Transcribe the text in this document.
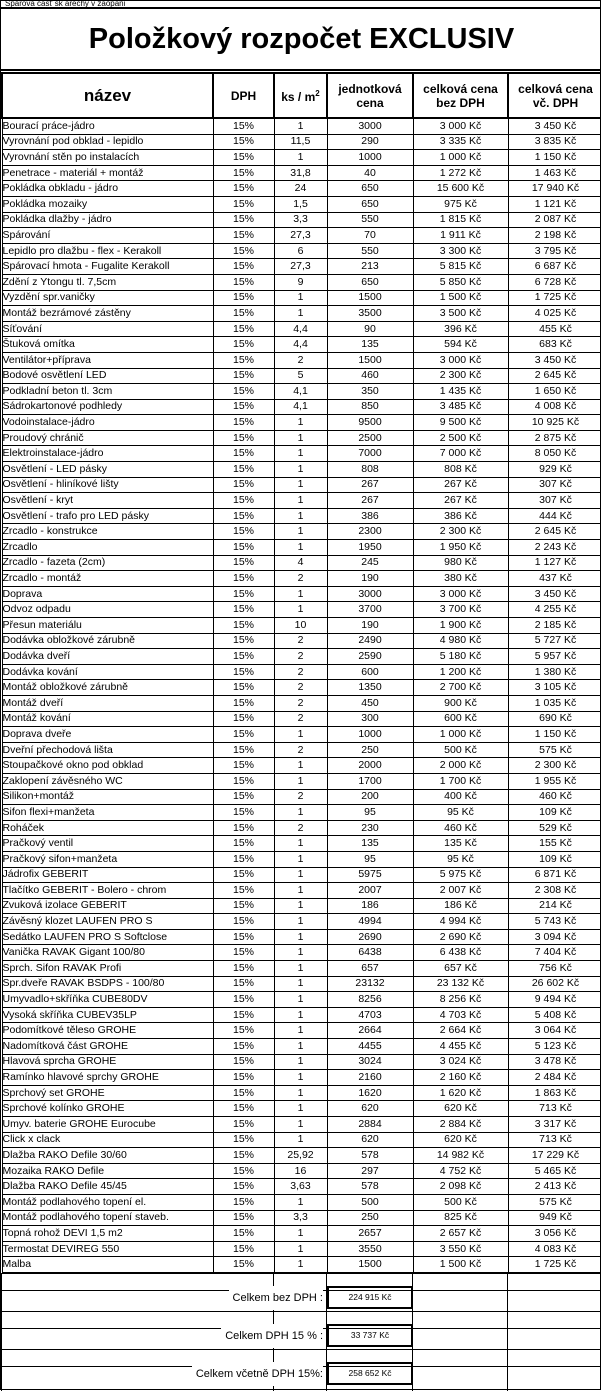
Spárová cásť sk arechy v zaopani
Položkový rozpočet EXCLUSIV
název	DPH	ks / $m^2$	jednotková cena	celková cena bez DPH	celková cena vč. DPH
Bourací práce-jádro	15%	1	3000	3 000 Kč	3 450 Kč
Vyrovnání pod obklad - lepidlo	15%	11,5	290	3 335 Kč	3 835 Kč
Vyrovnání stěn po instalacích	15%	1	1000	1 000 Kč	1 150 Kč
Penetrace - materiál + montáž	15%	31,8	40	1 272 Kč	1 463 Kč
Pokládka obkladu - jádro	15%	24	650	15 600 Kč	17 940 Kč
Pokládka mozaiky	15%	1,5	650	975 Kč	1 121 Kč
Pokládka dlažby - jádro	15%	3,3	550	1 815 Kč	2 087 Kč
Spárování	15%	27,3	70	1 911 Kč	2 198 Kč
Lepidlo pro dlažbu - flex - Kerakoll	15%	6	550	3 300 Kč	3 795 Kč
Spárovací hmota - Fugalite Kerakoll	15%	27,3	213	5 815 Kč	6 687 Kč
Zdění z Ytongu tl. 7,5cm	15%	9	650	5 850 Kč	6 728 Kč
Vyzdění spr.vaničky	15%	1	1500	1 500 Kč	1 725 Kč
Montáž bezrámové zástěny	15%	1	3500	3 500 Kč	4 025 Kč
Síťování	15%	4,4	90	396 Kč	455 Kč
Štuková omítka	15%	4,4	135	594 Kč	683 Kč
Ventilátor+příprava	15%	2	1500	3 000 Kč	3 450 Kč
Bodové osvětlení LED	15%	5	460	2 300 Kč	2 645 Kč
Podkladní beton tl. 3cm	15%	4,1	350	1 435 Kč	1 650 Kč
Sádrokartonové podhledy	15%	4,1	850	3 485 Kč	4 008 Kč
Vodoinstalace-jádro	15%	1	9500	9 500 Kč	10 925 Kč
Proudový chránič	15%	1	2500	2 500 Kč	2 875 Kč
Elektroinstalace-jádro	15%	1	7000	7 000 Kč	8 050 Kč
Osvětlení - LED pásky	15%	1	808	808 Kč	929 Kč
Osvětlení - hliníkové lišty	15%	1	267	267 Kč	307 Kč
Osvětlení - kryt	15%	1	267	267 Kč	307 Kč
Osvětlení - trafo pro LED pásky	15%	1	386	386 Kč	444 Kč
Zrcadlo - konstrukce	15%	1	2300	2 300 Kč	2 645 Kč
Zrcadlo	15%	1	1950	1 950 Kč	2 243 Kč
Zrcadlo - fazeta (2cm)	15%	4	245	980 Kč	1 127 Kč
Zrcadlo - montáž	15%	2	190	380 Kč	437 Kč
Doprava	15%	1	3000	3 000 Kč	3 450 Kč
Odvoz odpadu	15%	1	3700	3 700 Kč	4 255 Kč
Přesun materiálu	15%	10	190	1 900 Kč	2 185 Kč
Dodávka obložkové zárubně	15%	2	2490	4 980 Kč	5 727 Kč
Dodávka dveří	15%	2	2590	5 180 Kč	5 957 Kč
Dodávka kování	15%	2	600	1 200 Kč	1 380 Kč
Montáž obložkové zárubně	15%	2	1350	2 700 Kč	3 105 Kč
Montáž dveří	15%	2	450	900 Kč	1 035 Kč
Montáž kování	15%	2	300	600 Kč	690 Kč
Doprava dveře	15%	1	1000	1 000 Kč	1 150 Kč
Dveřní přechodová lišta	15%	2	250	500 Kč	575 Kč
Stoupačkové okno pod obklad	15%	1	2000	2 000 Kč	2 300 Kč
Zaklopení závěsného WC	15%	1	1700	1 700 Kč	1 955 Kč
Silikon+montáž	15%	2	200	400 Kč	460 Kč
Sifon flexi+manžeta	15%	1	95	95 Kč	109 Kč
Roháček	15%	2	230	460 Kč	529 Kč
Pračkový ventil	15%	1	135	135 Kč	155 Kč
Pračkový sifon+manžeta	15%	1	95	95 Kč	109 Kč
Jádrofix GEBERIT	15%	1	5975	5 975 Kč	6 871 Kč
Tlačítko GEBERIT - Bolero - chrom	15%	1	2007	2 007 Kč	2 308 Kč
Zvuková izolace GEBERIT	15%	1	186	186 Kč	214 Kč
Závěsný klozet LAUFEN PRO S	15%	1	4994	4 994 Kč	5 743 Kč
Sedátko LAUFEN PRO S Softclose	15%	1	2690	2 690 Kč	3 094 Kč
Vanička RAVAK Gigant 100/80	15%	1	6438	6 438 Kč	7 404 Kč
Sprch. Sifon RAVAK Profi	15%	1	657	657 Kč	756 Kč
Spr.dveře RAVAK BSDPS - 100/80	15%	1	23132	23 132 Kč	26 602 Kč
Umyvadlo+skříňka CUBE80DV	15%	1	8256	8 256 Kč	9 494 Kč
Vysoká skříňka CUBEV35LP	15%	1	4703	4 703 Kč	5 408 Kč
Podomítkové těleso GROHE	15%	1	2664	2 664 Kč	3 064 Kč
Nadomítková část GROHE	15%	1	4455	4 455 Kč	5 123 Kč
Hlavová sprcha GROHE	15%	1	3024	3 024 Kč	3 478 Kč
Ramínko hlavové sprchy GROHE	15%	1	2160	2 160 Kč	2 484 Kč
Sprchový set GROHE	15%	1	1620	1 620 Kč	1 863 Kč
Sprchové kolínko GROHE	15%	1	620	620 Kč	713 Kč
Umyv. baterie GROHE Eurocube	15%	1	2884	2 884 Kč	3 317 Kč
Click x clack	15%	1	620	620 Kč	713 Kč
Dlažba RAKO Defile 30/60	15%	25,92	578	14 982 Kč	17 229 Kč
Mozaika RAKO Defile	15%	16	297	4 752 Kč	5 465 Kč
Dlažba RAKO Defile 45/45	15%	3,63	578	2 098 Kč	2 413 Kč
Montáž podlahového topení el.	15%	1	500	500 Kč	575 Kč
Montáž podlahového topení staveb.	15%	3,3	250	825 Kč	949 Kč
Topná rohož DEVI 1,5 m2	15%	1	2657	2 657 Kč	3 056 Kč
Termostat DEVIREG 550	15%	1	3550	3 550 Kč	4 083 Kč
Malba	15%	1	1500	1 500 Kč	1 725 Kč
Celkem bez DPH :	224 915 Kč
Celkem DPH 15 % :	33 737 Kč
Celkem včetně DPH 15%:	258 652 Kč
